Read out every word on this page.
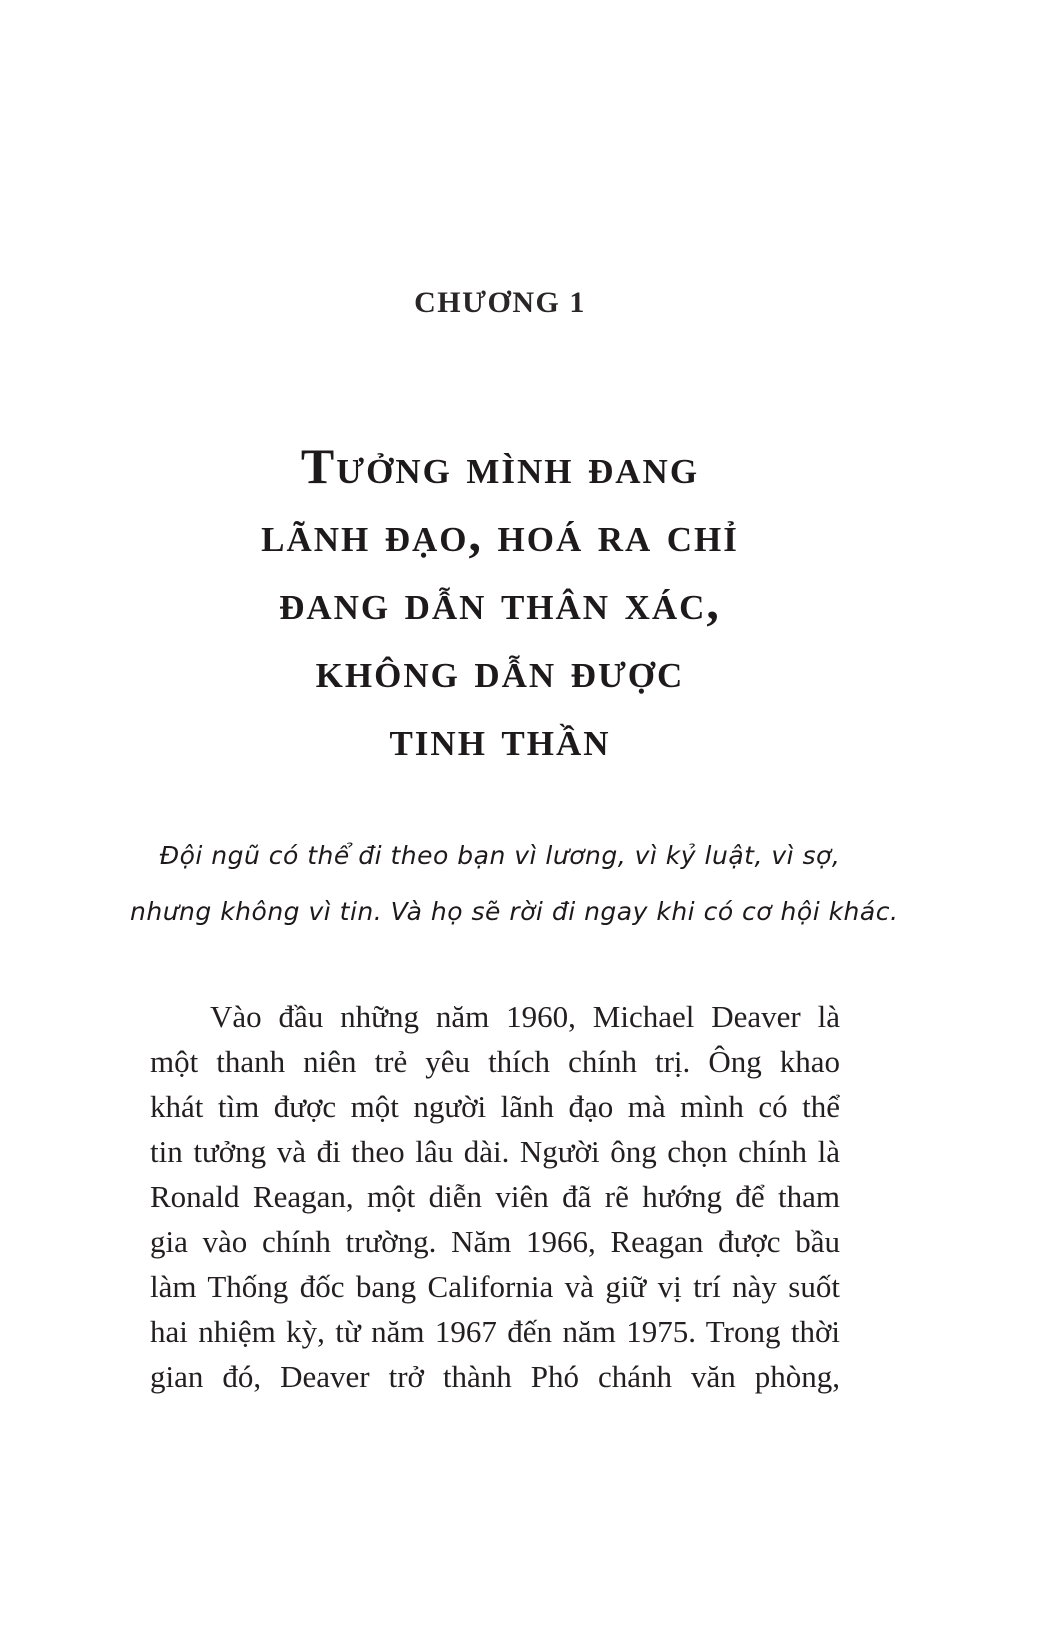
CHƯƠNG 1
Tưởng mình đang
lãnh đạo, hoá ra chỉ
đang dẫn thân xác,
không dẫn được
tinh thần
Đội ngũ có thể đi theo bạn vì lương, vì kỷ luật, vì sợ,
nhưng không vì tin. Và họ sẽ rời đi ngay khi có cơ hội khác.
Vào đầu những năm 1960, Michael Deaver là
một thanh niên trẻ yêu thích chính trị. Ông khao
khát tìm được một người lãnh đạo mà mình có thể
tin tưởng và đi theo lâu dài. Người ông chọn chính là
Ronald Reagan, một diễn viên đã rẽ hướng để tham
gia vào chính trường. Năm 1966, Reagan được bầu
làm Thống đốc bang California và giữ vị trí này suốt
hai nhiệm kỳ, từ năm 1967 đến năm 1975. Trong thời
gian đó, Deaver trở thành Phó chánh văn phòng,
